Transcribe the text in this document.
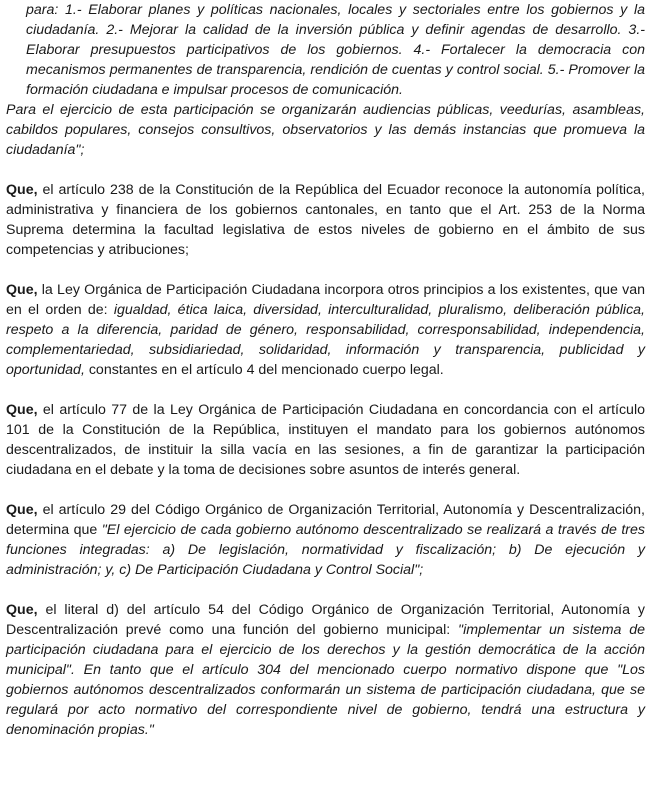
para: 1.- Elaborar planes y políticas nacionales, locales y sectoriales entre los gobiernos y la ciudadanía. 2.- Mejorar la calidad de la inversión pública y definir agendas de desarrollo. 3.- Elaborar presupuestos participativos de los gobiernos. 4.- Fortalecer la democracia con mecanismos permanentes de transparencia, rendición de cuentas y control social. 5.- Promover la formación ciudadana e impulsar procesos de comunicación.

Para el ejercicio de esta participación se organizarán audiencias públicas, veedurías, asambleas, cabildos populares, consejos consultivos, observatorios y las demás instancias que promueva la ciudadanía";

Que, el artículo 238 de la Constitución de la República del Ecuador reconoce la autonomía política, administrativa y financiera de los gobiernos cantonales, en tanto que el Art. 253 de la Norma Suprema determina la facultad legislativa de estos niveles de gobierno en el ámbito de sus competencias y atribuciones;

Que, la Ley Orgánica de Participación Ciudadana incorpora otros principios a los existentes, que van en el orden de: igualdad, ética laica, diversidad, interculturalidad, pluralismo, deliberación pública, respeto a la diferencia, paridad de género, responsabilidad, corresponsabilidad, independencia, complementariedad, subsidiariedad, solidaridad, información y transparencia, publicidad y oportunidad, constantes en el artículo 4 del mencionado cuerpo legal.

Que, el artículo 77 de la Ley Orgánica de Participación Ciudadana en concordancia con el artículo 101 de la Constitución de la República, instituyen el mandato para los gobiernos autónomos descentralizados, de instituir la silla vacía en las sesiones, a fin de garantizar la participación ciudadana en el debate y la toma de decisiones sobre asuntos de interés general.

Que, el artículo 29 del Código Orgánico de Organización Territorial, Autonomía y Descentralización, determina que "El ejercicio de cada gobierno autónomo descentralizado se realizará a través de tres funciones integradas: a) De legislación, normatividad y fiscalización; b) De ejecución y administración; y, c) De Participación Ciudadana y Control Social";

Que, el literal d) del artículo 54 del Código Orgánico de Organización Territorial, Autonomía y Descentralización prevé como una función del gobierno municipal: "implementar un sistema de participación ciudadana para el ejercicio de los derechos y la gestión democrática de la acción municipal". En tanto que el artículo 304 del mencionado cuerpo normativo dispone que "Los gobiernos autónomos descentralizados conformarán un sistema de participación ciudadana, que se regulará por acto normativo del correspondiente nivel de gobierno, tendrá una estructura y denominación propias."
